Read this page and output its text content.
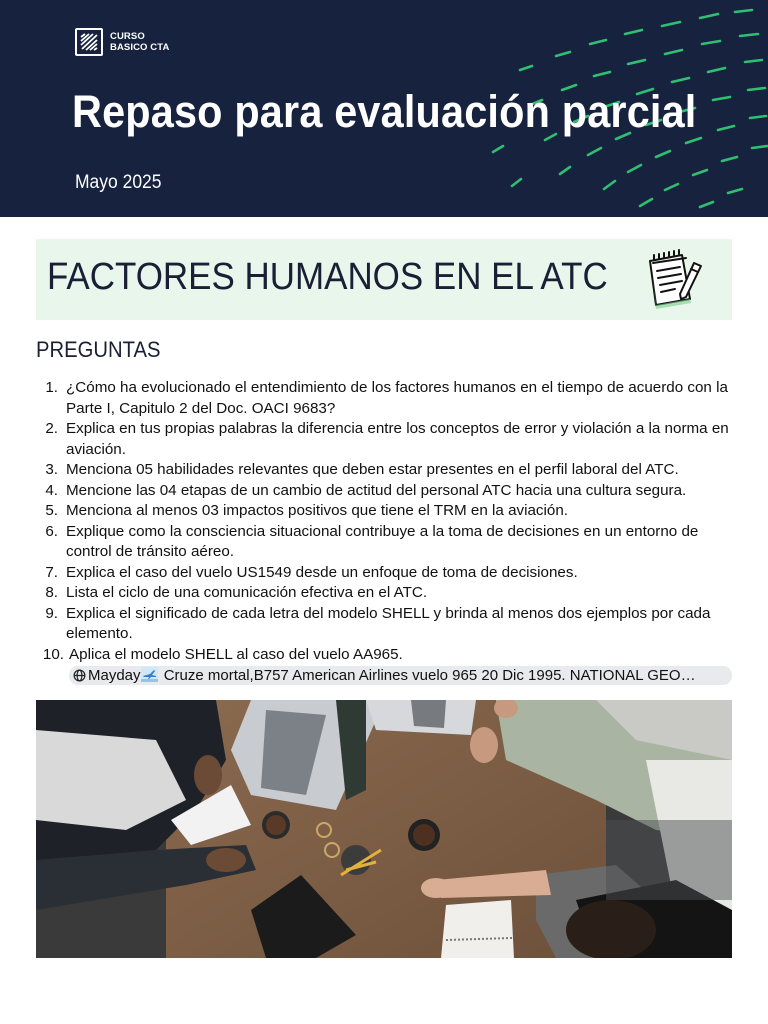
CURSO
BASICO CTA
Repaso para evaluación parcial
Mayo 2025
FACTORES HUMANOS EN EL ATC
PREGUNTAS
1. ¿Cómo ha evolucionado el entendimiento de los factores humanos en el tiempo de acuerdo con la Parte I, Capitulo 2 del Doc. OACI 9683?
2. Explica en tus propias palabras la diferencia entre los conceptos de error y violación a la norma en aviación.
3. Menciona 05 habilidades relevantes que deben estar presentes en el perfil laboral del ATC.
4. Mencione las 04 etapas de un cambio de actitud del personal ATC hacia una cultura segura.
5. Menciona al menos 03 impactos positivos que tiene el TRM en la aviación.
6. Explique como la consciencia situacional contribuye a la toma de decisiones en un entorno de control de tránsito aéreo.
7. Explica el caso del vuelo US1549 desde un enfoque de toma de decisiones.
8. Lista el ciclo de una comunicación efectiva en el ATC.
9. Explica el significado de cada letra del modelo SHELL y brinda al menos dos ejemplos por cada elemento.
10. Aplica el modelo SHELL al caso del vuelo AA965.
Mayday Cruze mortal,B757 American Airlines vuelo 965 20 Dic 1995. NATIONAL GEO…
